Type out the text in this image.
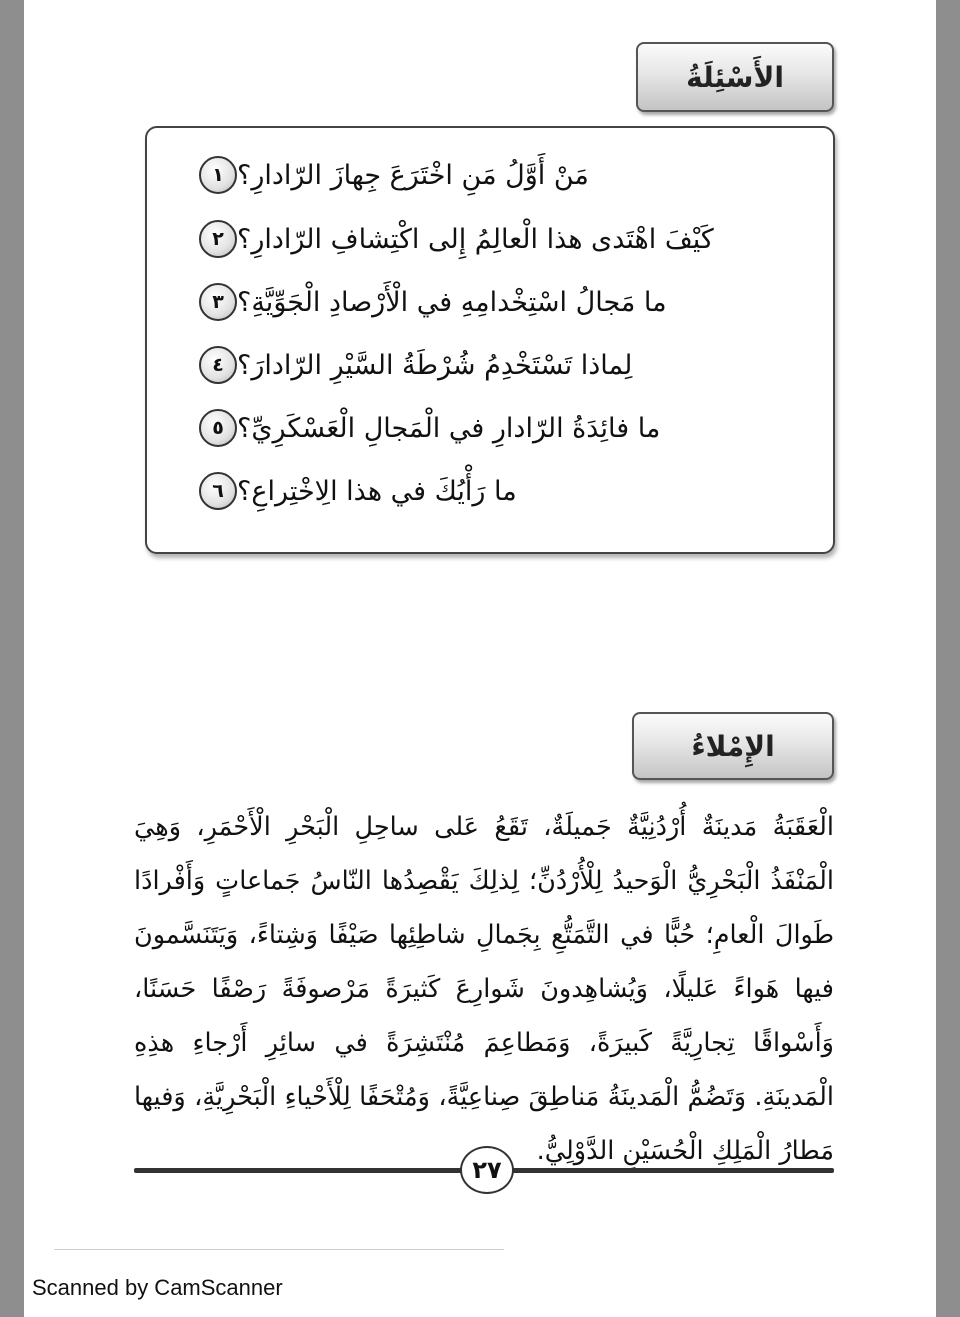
الأَسْئِلَةُ
١ مَنْ أَوَّلُ مَنِ اخْتَرَعَ جِهازَ الرّادارِ؟
٢ كَيْفَ اهْتَدى هذا الْعالِمُ إِلى اكْتِشافِ الرّادارِ؟
٣ ما مَجالُ اسْتِخْدامِهِ في الْأَرْصادِ الْجَوِّيَّةِ؟
٤ لِماذا تَسْتَخْدِمُ شُرْطَةُ السَّيْرِ الرّادارَ؟
٥ ما فائِدَةُ الرّادارِ في الْمَجالِ الْعَسْكَرِيِّ؟
٦ ما رَأْيُكَ في هذا الِاخْتِراعِ؟
الإِمْلاءُ

الْعَقَبَةُ مَدينَةٌ أُرْدُنِيَّةٌ جَميلَةٌ، تَقَعُ عَلى ساحِلِ الْبَحْرِ الْأَحْمَرِ، وَهِيَ الْمَنْفَذُ الْبَحْرِيُّ الْوَحيدُ لِلْأُرْدُنِّ؛ لِذلِكَ يَقْصِدُها النّاسُ جَماعاتٍ وَأَفْرادًا طَوالَ الْعامِ؛ حُبًّا في التَّمَتُّعِ بِجَمالِ شاطِئِها صَيْفًا وَشِتاءً، وَيَتَنَسَّمونَ فيها هَواءً عَليلًا، وَيُشاهِدونَ شَوارِعَ كَثيرَةً مَرْصوفَةً رَصْفًا حَسَنًا، وَأَسْواقًا تِجارِيَّةً كَبيرَةً، وَمَطاعِمَ مُنْتَشِرَةً في سائِرِ أَرْجاءِ هذِهِ الْمَدينَةِ. وَتَضُمُّ الْمَدينَةُ مَناطِقَ صِناعِيَّةً، وَمُتْحَفًا لِلْأَحْياءِ الْبَحْرِيَّةِ، وَفيها مَطارُ الْمَلِكِ الْحُسَيْنِ الدَّوْلِيُّ.

٢٧
Scanned by CamScanner
